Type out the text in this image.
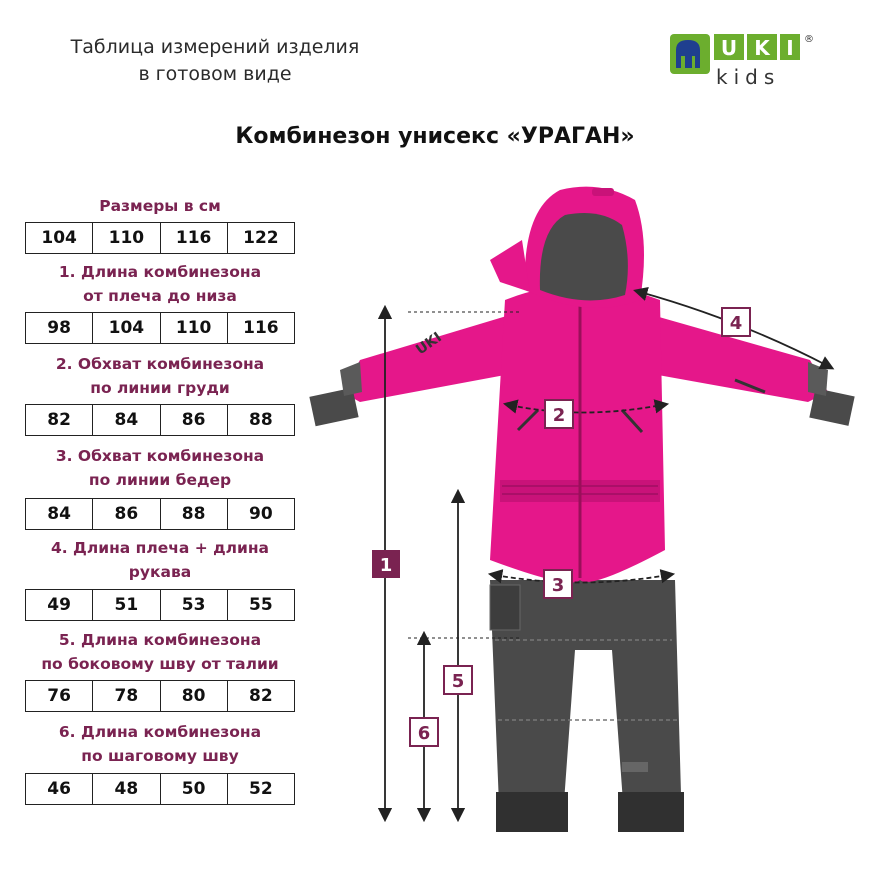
Таблица измерений изделия
в готовом виде
U K I
kids
®
Комбинезон унисекс «УРАГАН»
Размеры в см
104	110	116	122
1. Длина комбинезона
от плеча до низа
98	104	110	116
2. Обхват комбинезона
по линии груди
82	84	86	88
3. Обхват комбинезона
по линии бедер
84	86	88	90
4. Длина плеча + длина
рукава
49	51	53	55
5. Длина комбинезона
по боковому шву от талии
76	78	80	82
6. Длина комбинезона
по шаговому шву
46	48	50	52
UKI
1
2
3
4
5
6
